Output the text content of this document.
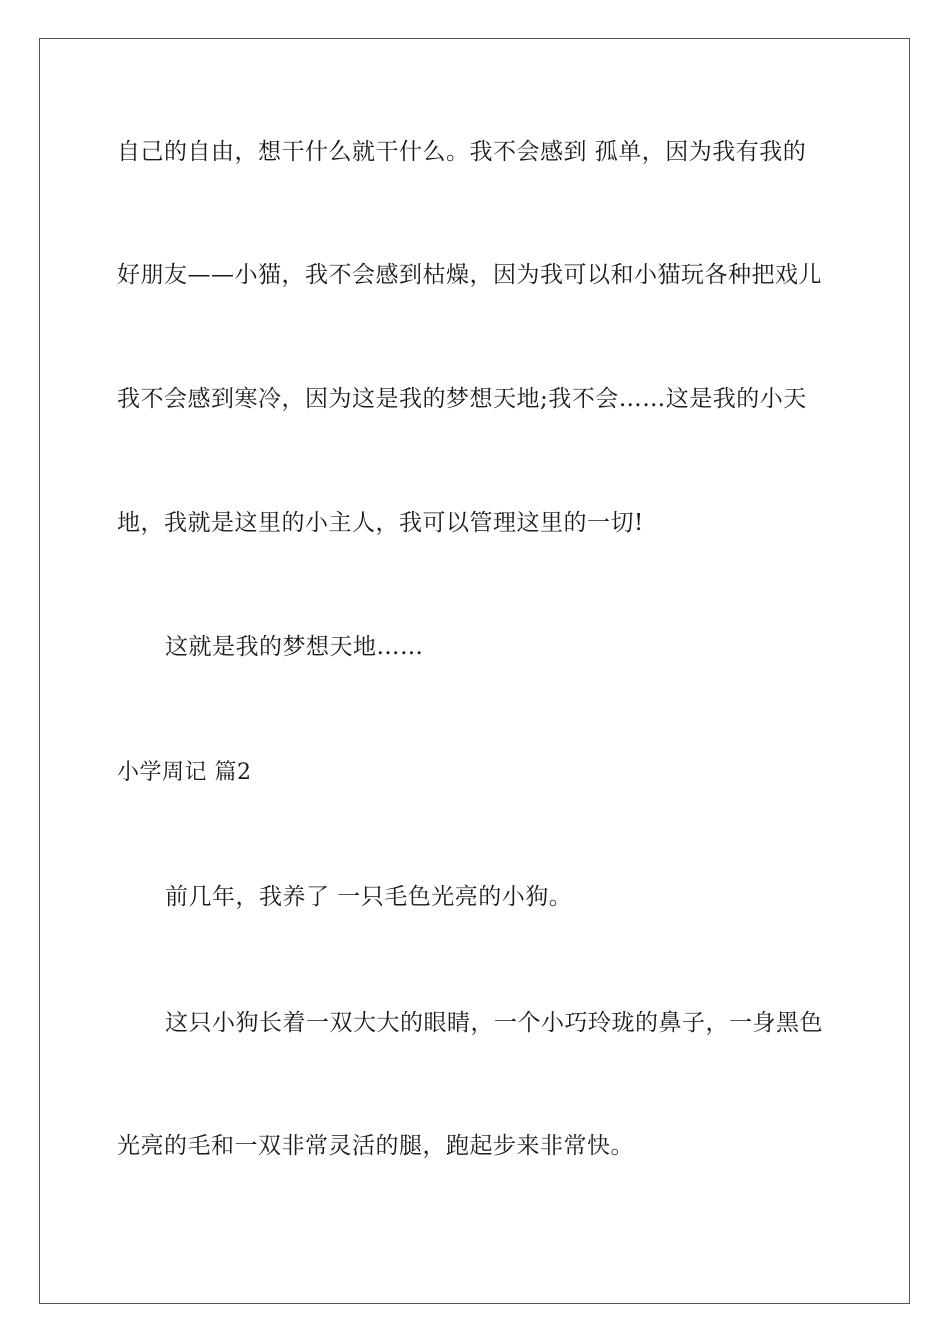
自己的自由，想干什么就干什么。我不会感到 孤单，因为我有我的
好朋友——小猫，我不会感到枯燥，因为我可以和小猫玩各种把戏儿
我不会感到寒冷，因为这是我的梦想天地;我不会……这是我的小天
地，我就是这里的小主人，我可以管理这里的一切!
这就是我的梦想天地……
小学周记 篇2
前几年，我养了 一只毛色光亮的小狗。
这只小狗长着一双大大的眼睛，一个小巧玲珑的鼻子，一身黑色
光亮的毛和一双非常灵活的腿，跑起步来非常快。
